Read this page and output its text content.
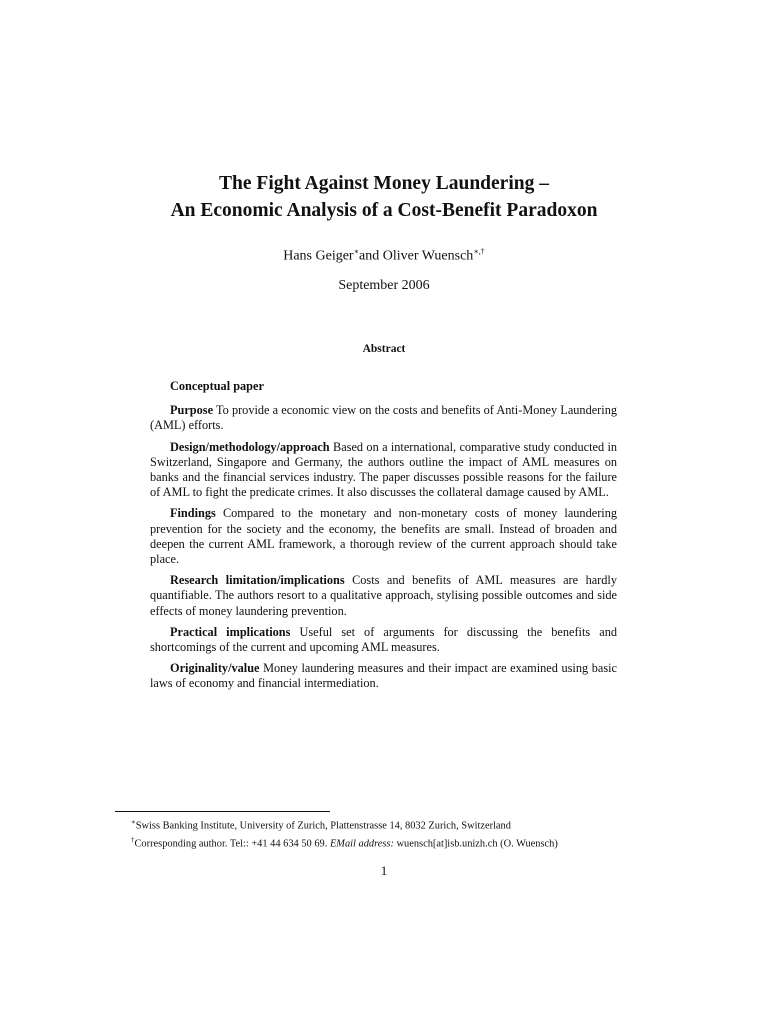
The Fight Against Money Laundering –
An Economic Analysis of a Cost-Benefit Paradoxon
Hans Geiger∗and Oliver Wuensch∗,†
September 2006
Abstract

Conceptual paper

Purpose To provide a economic view on the costs and benefits of Anti-Money Laundering (AML) efforts.

Design/methodology/approach Based on a international, comparative study conducted in Switzerland, Singapore and Germany, the authors outline the impact of AML measures on banks and the financial services industry. The paper discusses possible reasons for the failure of AML to fight the predicate crimes. It also discusses the collateral damage caused by AML.

Findings Compared to the monetary and non-monetary costs of money laundering prevention for the society and the economy, the benefits are small. Instead of broaden and deepen the current AML framework, a thorough review of the current approach should take place.

Research limitation/implications Costs and benefits of AML measures are hardly quantifiable. The authors resort to a qualitative approach, stylising possible outcomes and side effects of money laundering prevention.

Practical implications Useful set of arguments for discussing the benefits and shortcomings of the current and upcoming AML measures.

Originality/value Money laundering measures and their impact are examined using basic laws of economy and financial intermediation.

∗Swiss Banking Institute, University of Zurich, Plattenstrasse 14, 8032 Zurich, Switzerland
†Corresponding author. Tel:: +41 44 634 50 69. EMail address: wuensch[at]isb.unizh.ch (O. Wuensch)
1
